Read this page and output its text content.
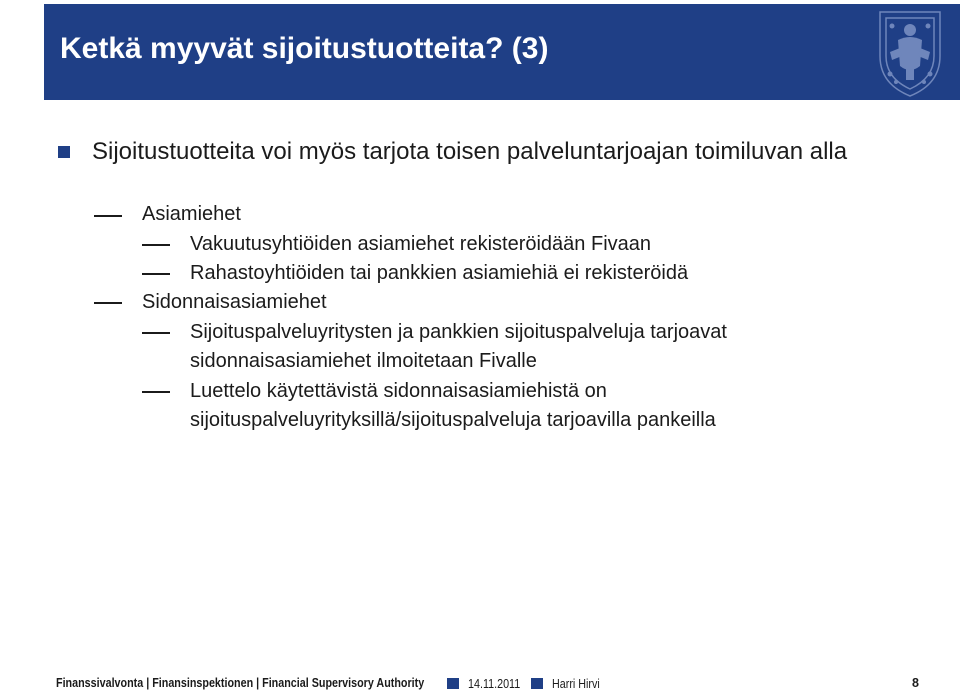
Ketkä myyvät sijoitustuotteita? (3)
Sijoitustuotteita voi myös tarjota toisen palveluntarjoajan toimiluvan alla
Asiamiehet
Vakuutusyhtiöiden asiamiehet rekisteröidään Fivaan
Rahastoyhtiöiden tai pankkien asiamiehiä ei rekisteröidä
Sidonnaisasiamiehet
Sijoituspalveluyritysten ja pankkien sijoituspalveluja tarjoavat sidonnaisasiamiehet ilmoitetaan Fivalle
Luettelo käytettävistä sidonnaisasiamiehistä on sijoituspalveluyrityksillä/sijoituspalveluja tarjoavilla pankeilla
Finanssivalvonta | Finansinspektionen | Financial Supervisory Authority	14.11.2011	Harri Hirvi	8
